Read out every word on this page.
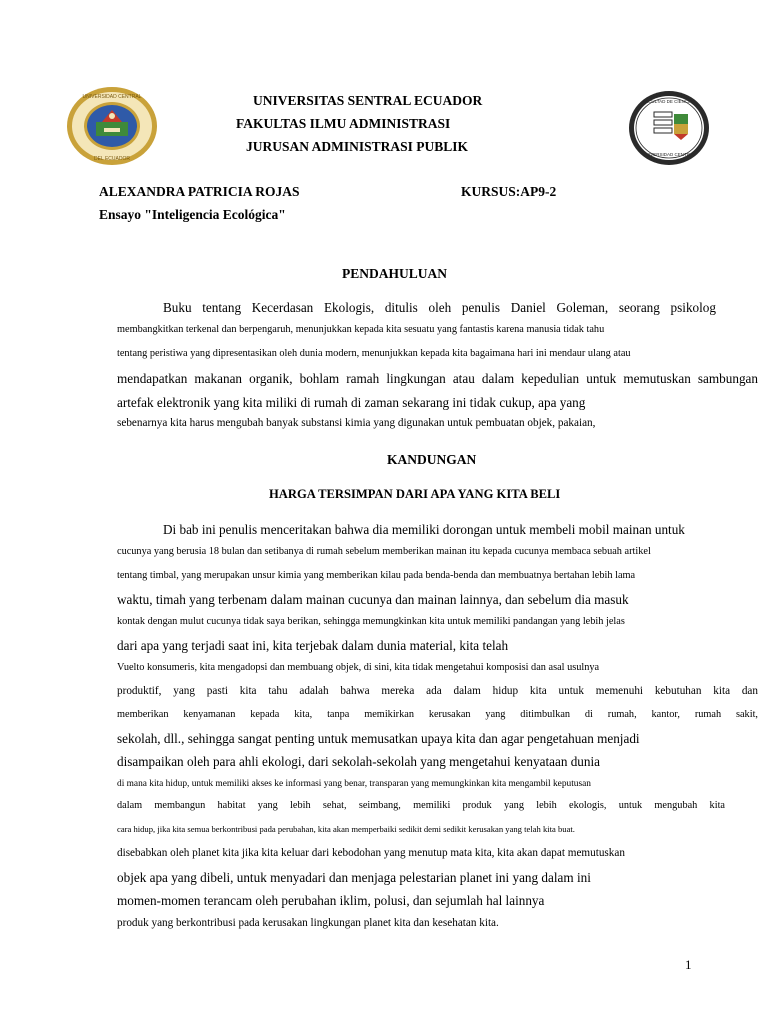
UNIVERSIDAD CENTRAL
DEL ECUADOR
FACULTAD DE CIENCIAS
UNIVERSIDAD CENTRAL
UNIVERSITAS SENTRAL ECUADOR
FAKULTAS ILMU ADMINISTRASI
JURUSAN ADMINISTRASI PUBLIK
ALEXANDRA PATRICIA ROJAS	KURSUS:AP9-2
Ensayo "Inteligencia Ecológica"
PENDAHULUAN
Buku tentang Kecerdasan Ekologis, ditulis oleh penulis Daniel Goleman, seorang psikolog
membangkitkan terkenal dan berpengaruh, menunjukkan kepada kita sesuatu yang fantastis karena manusia tidak tahu
tentang peristiwa yang dipresentasikan oleh dunia modern, menunjukkan kepada kita bagaimana hari ini mendaur ulang atau
mendapatkan makanan organik, bohlam ramah lingkungan atau dalam kepedulian untuk memutuskan sambungan
artefak elektronik yang kita miliki di rumah di zaman sekarang ini tidak cukup, apa yang
sebenarnya kita harus mengubah banyak substansi kimia yang digunakan untuk pembuatan objek, pakaian,
KANDUNGAN
HARGA TERSIMPAN DARI APA YANG KITA BELI
Di bab ini penulis menceritakan bahwa dia memiliki dorongan untuk membeli mobil mainan untuk
cucunya yang berusia 18 bulan dan setibanya di rumah sebelum memberikan mainan itu kepada cucunya membaca sebuah artikel
tentang timbal, yang merupakan unsur kimia yang memberikan kilau pada benda-benda dan membuatnya bertahan lebih lama
waktu, timah yang terbenam dalam mainan cucunya dan mainan lainnya, dan sebelum dia masuk
kontak dengan mulut cucunya tidak saya berikan, sehingga memungkinkan kita untuk memiliki pandangan yang lebih jelas
dari apa yang terjadi saat ini, kita terjebak dalam dunia material, kita telah
Vuelto konsumeris, kita mengadopsi dan membuang objek, di sini, kita tidak mengetahui komposisi dan asal usulnya
produktif, yang pasti kita tahu adalah bahwa mereka ada dalam hidup kita untuk memenuhi kebutuhan kita dan
memberikan kenyamanan kepada kita, tanpa memikirkan kerusakan yang ditimbulkan di rumah, kantor, rumah sakit,
sekolah, dll., sehingga sangat penting untuk memusatkan upaya kita dan agar pengetahuan menjadi
disampaikan oleh para ahli ekologi, dari sekolah-sekolah yang mengetahui kenyataan dunia
di mana kita hidup, untuk memiliki akses ke informasi yang benar, transparan yang memungkinkan kita mengambil keputusan
dalam membangun habitat yang lebih sehat, seimbang, memiliki produk yang lebih ekologis, untuk mengubah kita
cara hidup, jika kita semua berkontribusi pada perubahan, kita akan memperbaiki sedikit demi sedikit kerusakan yang telah kita buat.
disebabkan oleh planet kita jika kita keluar dari kebodohan yang menutup mata kita, kita akan dapat memutuskan
objek apa yang dibeli, untuk menyadari dan menjaga pelestarian planet ini yang dalam ini
momen-momen terancam oleh perubahan iklim, polusi, dan sejumlah hal lainnya
produk yang berkontribusi pada kerusakan lingkungan planet kita dan kesehatan kita.
1
